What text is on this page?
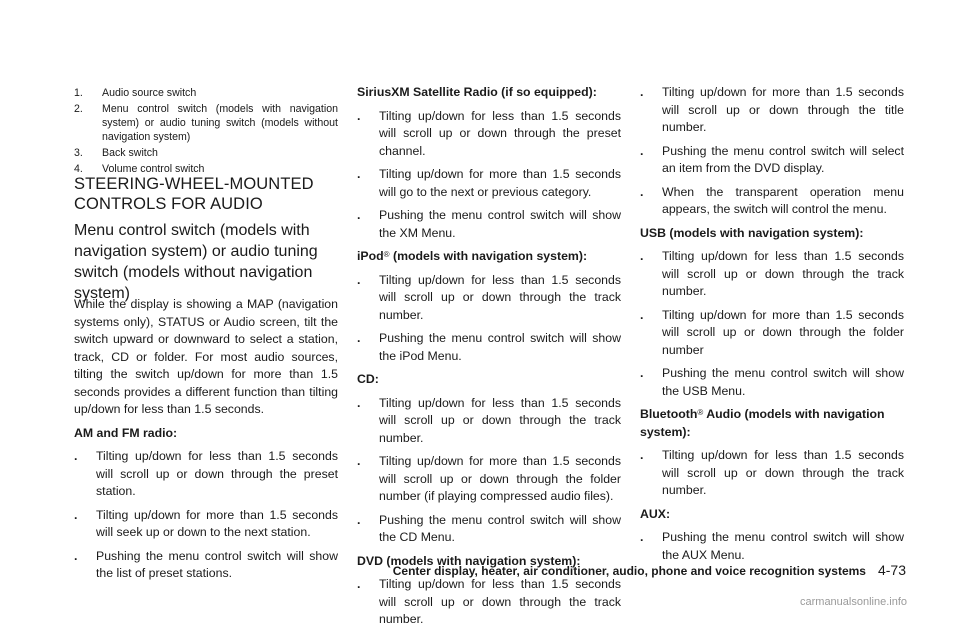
1.	Audio source switch
2.	Menu control switch (models with navigation system) or audio tuning switch (models without navigation system)
3.	Back switch
4.	Volume control switch
STEERING-WHEEL-MOUNTED CONTROLS FOR AUDIO
Menu control switch (models with navigation system) or audio tuning switch (models without navigation system)

While the display is showing a MAP (navigation systems only), STATUS or Audio screen, tilt the switch upward or downward to select a station, track, CD or folder. For most audio sources, tilting the switch up/down for more than 1.5 seconds provides a different function than tilting up/down for less than 1.5 seconds.

AM and FM radio:
.	Tilting up/down for less than 1.5 seconds will scroll up or down through the preset station.
.	Tilting up/down for more than 1.5 seconds will seek up or down to the next station.
.	Pushing the menu control switch will show the list of preset stations.
SiriusXM Satellite Radio (if so equipped):
.	Tilting up/down for less than 1.5 seconds will scroll up or down through the preset channel.
.	Tilting up/down for more than 1.5 seconds will go to the next or previous category.
.	Pushing the menu control switch will show the XM Menu.
iPod® (models with navigation system):
.	Tilting up/down for less than 1.5 seconds will scroll up or down through the track number.
.	Pushing the menu control switch will show the iPod Menu.
CD:
.	Tilting up/down for less than 1.5 seconds will scroll up or down through the track number.
.	Tilting up/down for more than 1.5 seconds will scroll up or down through the folder number (if playing compressed audio files).
.	Pushing the menu control switch will show the CD Menu.
DVD (models with navigation system):
.	Tilting up/down for less than 1.5 seconds will scroll up or down through the track number.
.	Tilting up/down for more than 1.5 seconds will scroll up or down through the title number.
.	Pushing the menu control switch will select an item from the DVD display.
.	When the transparent operation menu appears, the switch will control the menu.
USB (models with navigation system):
.	Tilting up/down for less than 1.5 seconds will scroll up or down through the track number.
.	Tilting up/down for more than 1.5 seconds will scroll up or down through the folder number
.	Pushing the menu control switch will show the USB Menu.
Bluetooth® Audio (models with navigation system):
.	Tilting up/down for less than 1.5 seconds will scroll up or down through the track number.
AUX:
.	Pushing the menu control switch will show the AUX Menu.
Center display, heater, air conditioner, audio, phone and voice recognition systems 4-73
carmanualsonline.info
